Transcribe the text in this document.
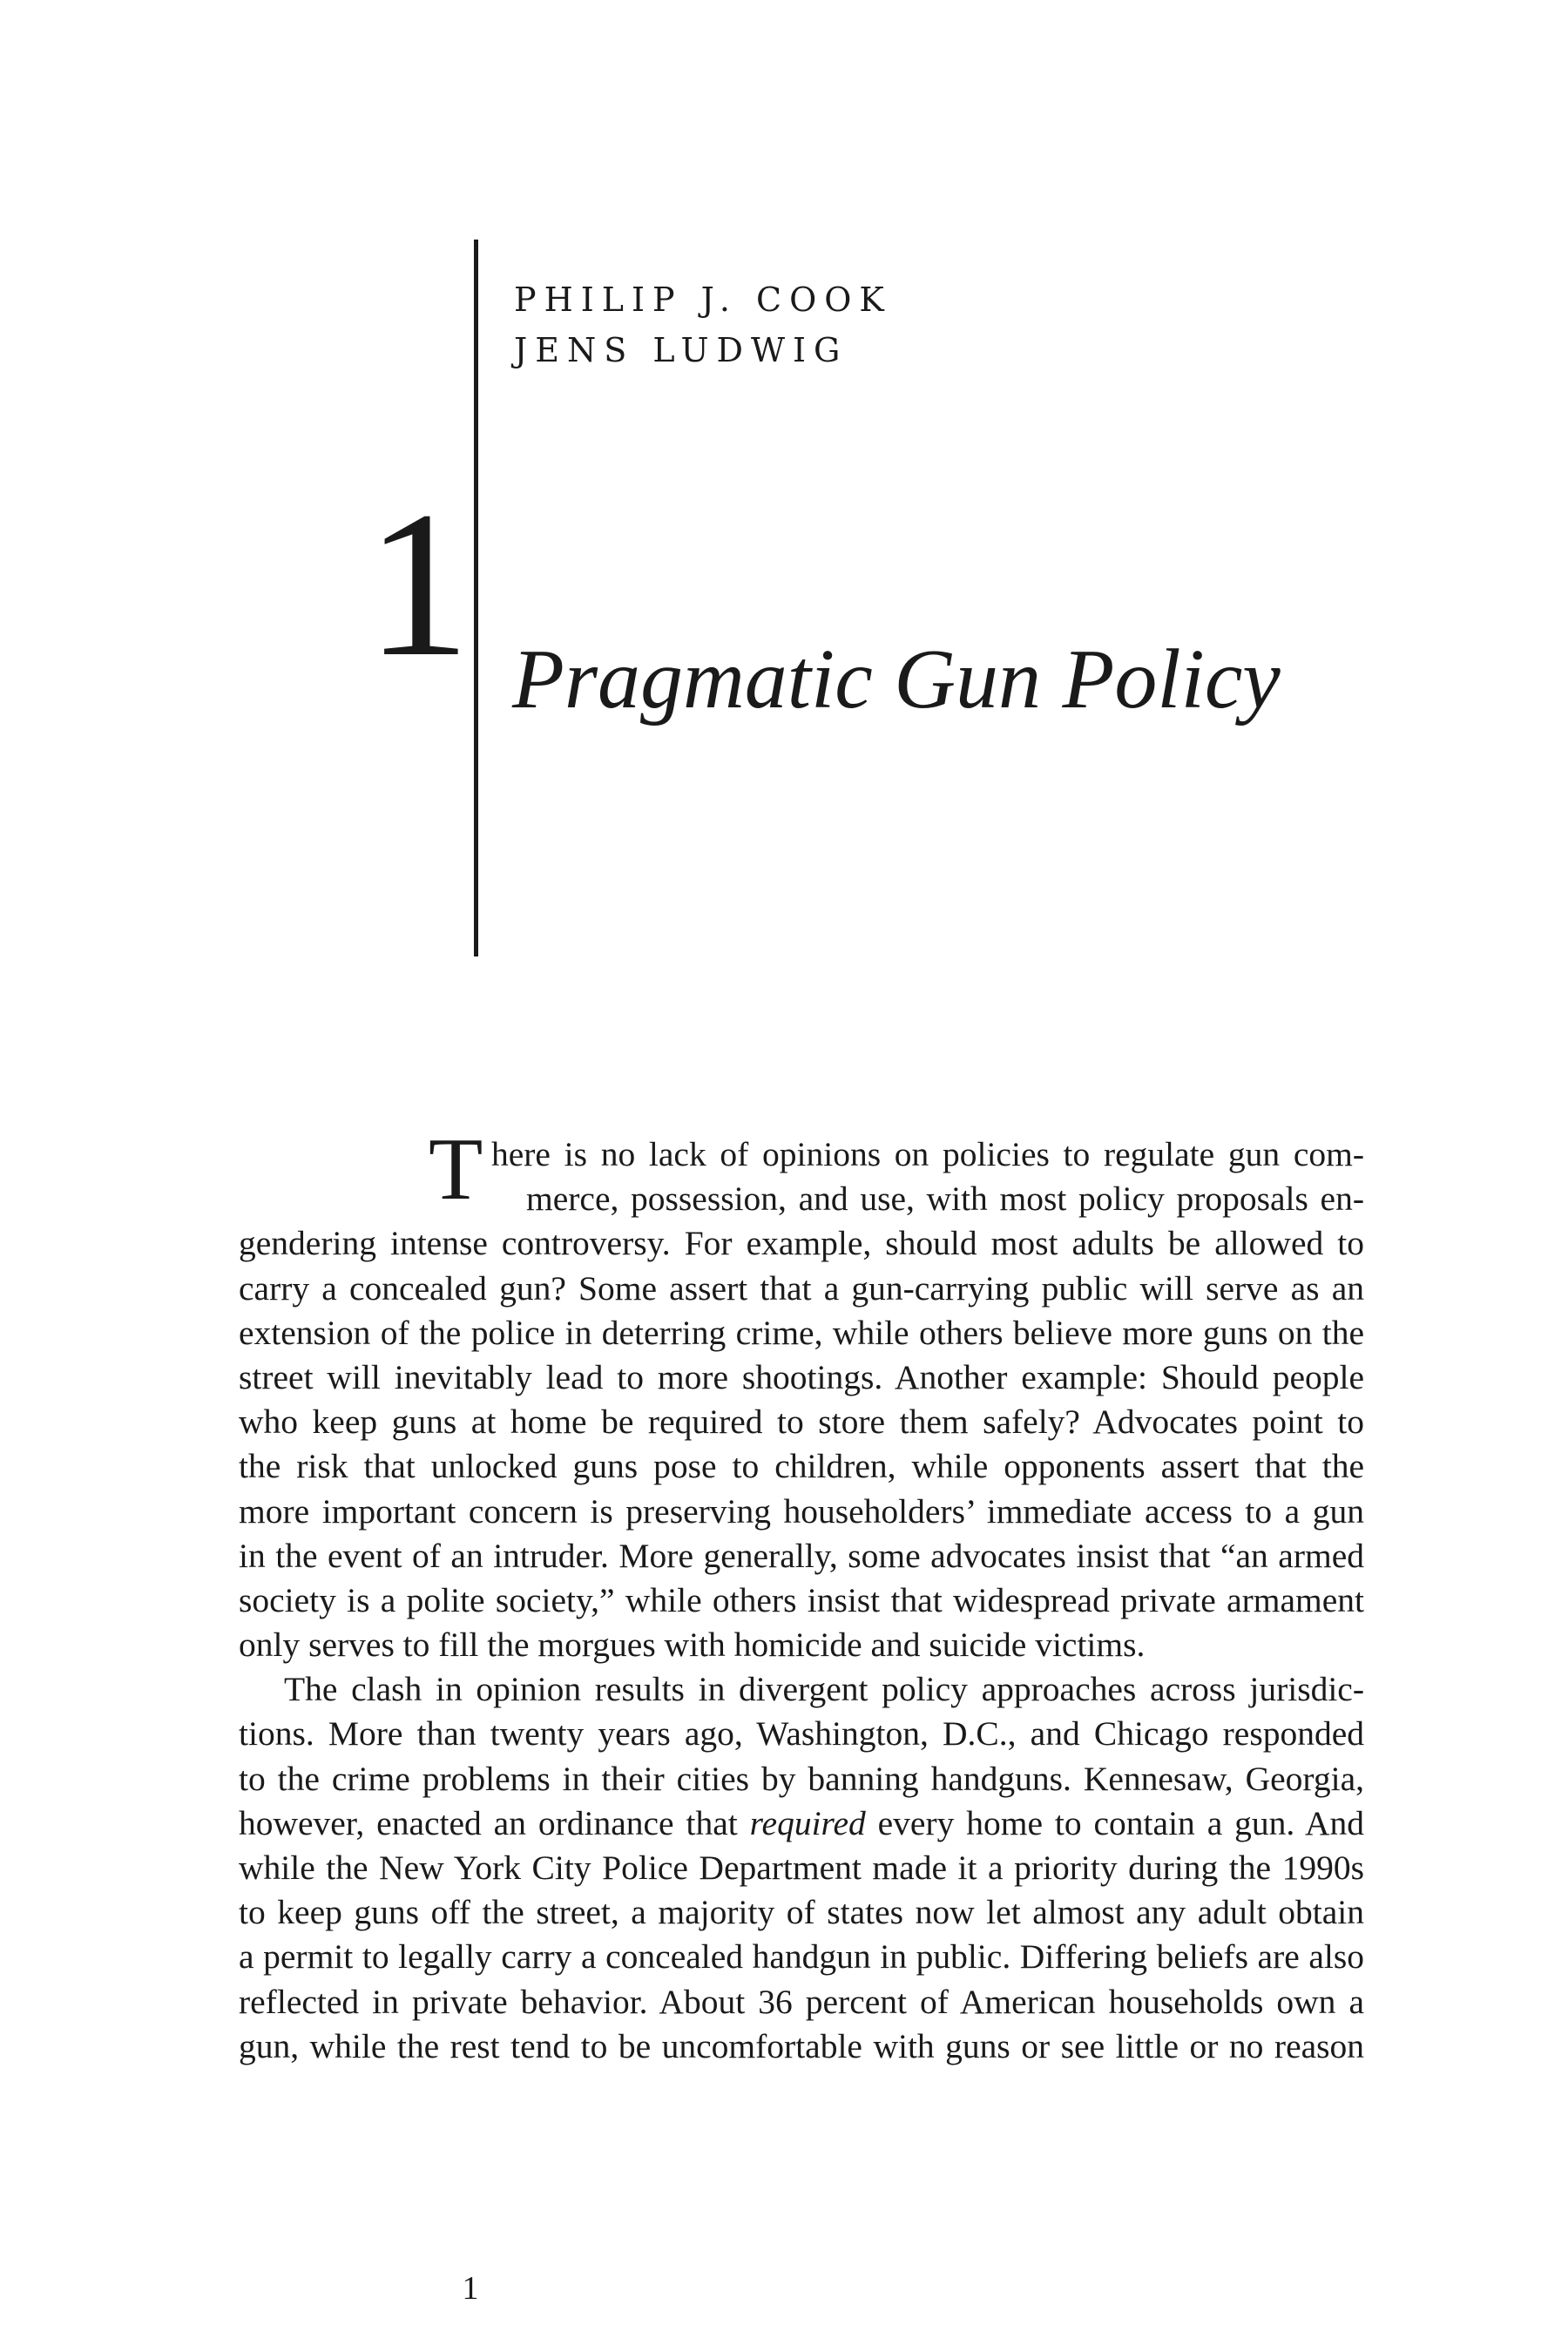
PHILIP J. COOK
JENS LUDWIG
1 Pragmatic Gun Policy
T here is no lack of opinions on policies to regulate gun com-
merce, possession, and use, with most policy proposals en-
gendering intense controversy. For example, should most adults be allowed to
carry a concealed gun? Some assert that a gun-carrying public will serve as an
extension of the police in deterring crime, while others believe more guns on the
street will inevitably lead to more shootings. Another example: Should people
who keep guns at home be required to store them safely? Advocates point to
the risk that unlocked guns pose to children, while opponents assert that the
more important concern is preserving householders’ immediate access to a gun
in the event of an intruder. More generally, some advocates insist that “an armed
society is a polite society,” while others insist that widespread private armament
only serves to fill the morgues with homicide and suicide victims.
The clash in opinion results in divergent policy approaches across jurisdic-
tions. More than twenty years ago, Washington, D.C., and Chicago responded
to the crime problems in their cities by banning handguns. Kennesaw, Georgia,
however, enacted an ordinance that required every home to contain a gun. And
while the New York City Police Department made it a priority during the 1990s
to keep guns off the street, a majority of states now let almost any adult obtain
a permit to legally carry a concealed handgun in public. Differing beliefs are also
reflected in private behavior. About 36 percent of American households own a
gun, while the rest tend to be uncomfortable with guns or see little or no reason
1
